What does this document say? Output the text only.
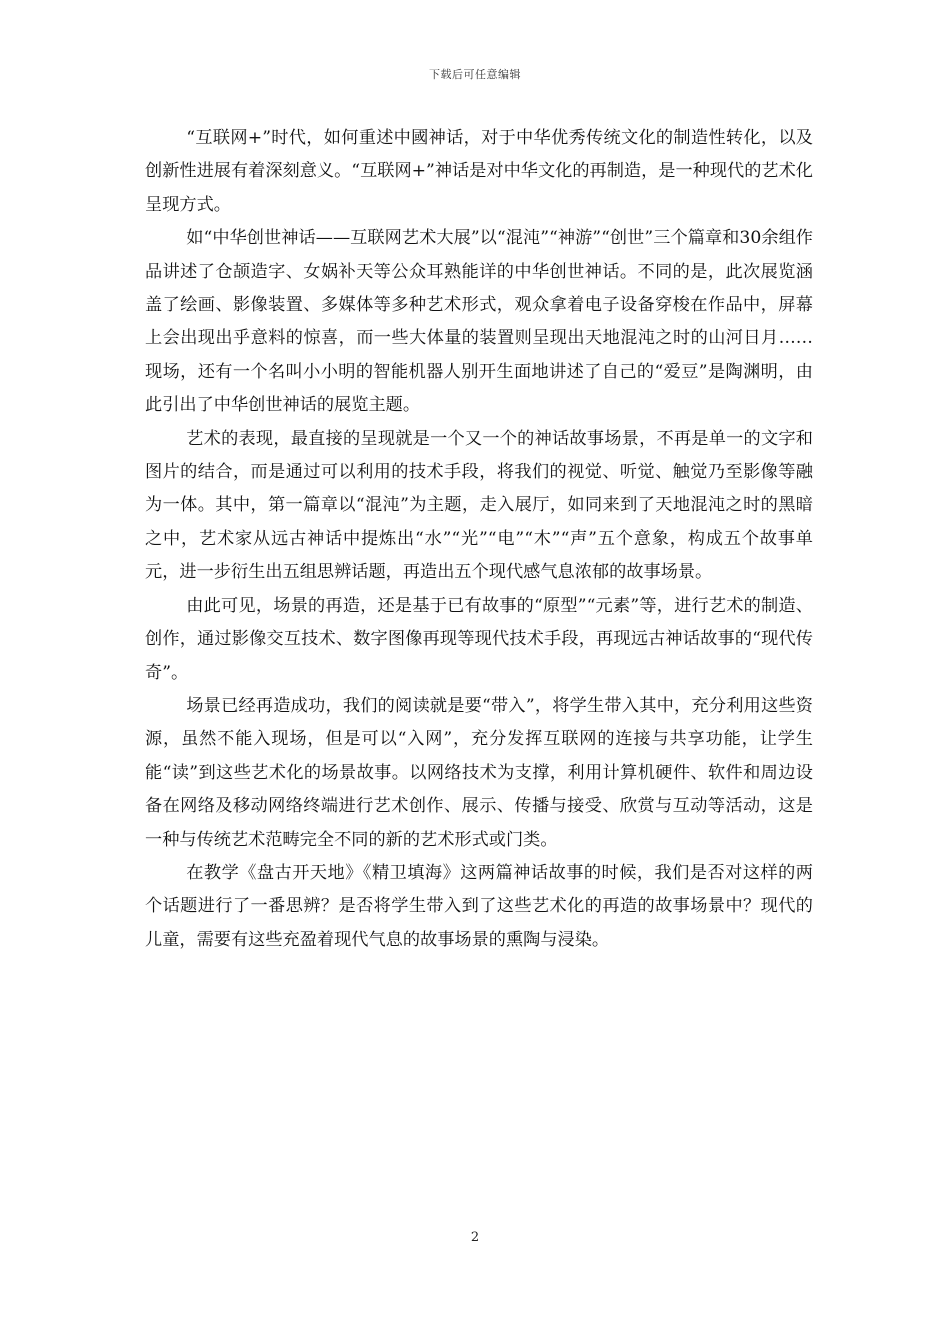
下载后可任意编辑

“互联网+”时代，如何重述中國神话，对于中华优秀传统文化的制造性转化，以及创新性进展有着深刻意义。“互联网+”神话是对中华文化的再制造，是一种现代的艺术化呈现方式。

如“中华创世神话——互联网艺术大展”以“混沌”“神游”“创世”三个篇章和30余组作品讲述了仓颉造字、女娲补天等公众耳熟能详的中华创世神话。不同的是，此次展览涵盖了绘画、影像装置、多媒体等多种艺术形式，观众拿着电子设备穿梭在作品中，屏幕上会出现出乎意料的惊喜，而一些大体量的装置则呈现出天地混沌之时的山河日月……现场，还有一个名叫小小明的智能机器人别开生面地讲述了自己的“爱豆”是陶渊明，由此引出了中华创世神话的展览主题。

艺术的表现，最直接的呈现就是一个又一个的神话故事场景，不再是单一的文字和图片的结合，而是通过可以利用的技术手段，将我们的视觉、听觉、触觉乃至影像等融为一体。其中，第一篇章以“混沌”为主题，走入展厅，如同来到了天地混沌之时的黑暗之中，艺术家从远古神话中提炼出“水”“光”“电”“木”“声”五个意象，构成五个故事单元，进一步衍生出五组思辨话题，再造出五个现代感气息浓郁的故事场景。

由此可见，场景的再造，还是基于已有故事的“原型”“元素”等，进行艺术的制造、创作，通过影像交互技术、数字图像再现等现代技术手段，再现远古神话故事的“现代传奇”。

场景已经再造成功，我们的阅读就是要“带入”，将学生带入其中，充分利用这些资源，虽然不能入现场，但是可以“入网”，充分发挥互联网的连接与共享功能，让学生能“读”到这些艺术化的场景故事。以网络技术为支撑，利用计算机硬件、软件和周边设备在网络及移动网络终端进行艺术创作、展示、传播与接受、欣赏与互动等活动，这是一种与传统艺术范畴完全不同的新的艺术形式或门类。

在教学《盘古开天地》《精卫填海》这两篇神话故事的时候，我们是否对这样的两个话题进行了一番思辨？是否将学生带入到了这些艺术化的再造的故事场景中？现代的儿童，需要有这些充盈着现代气息的故事场景的熏陶与浸染。

2
